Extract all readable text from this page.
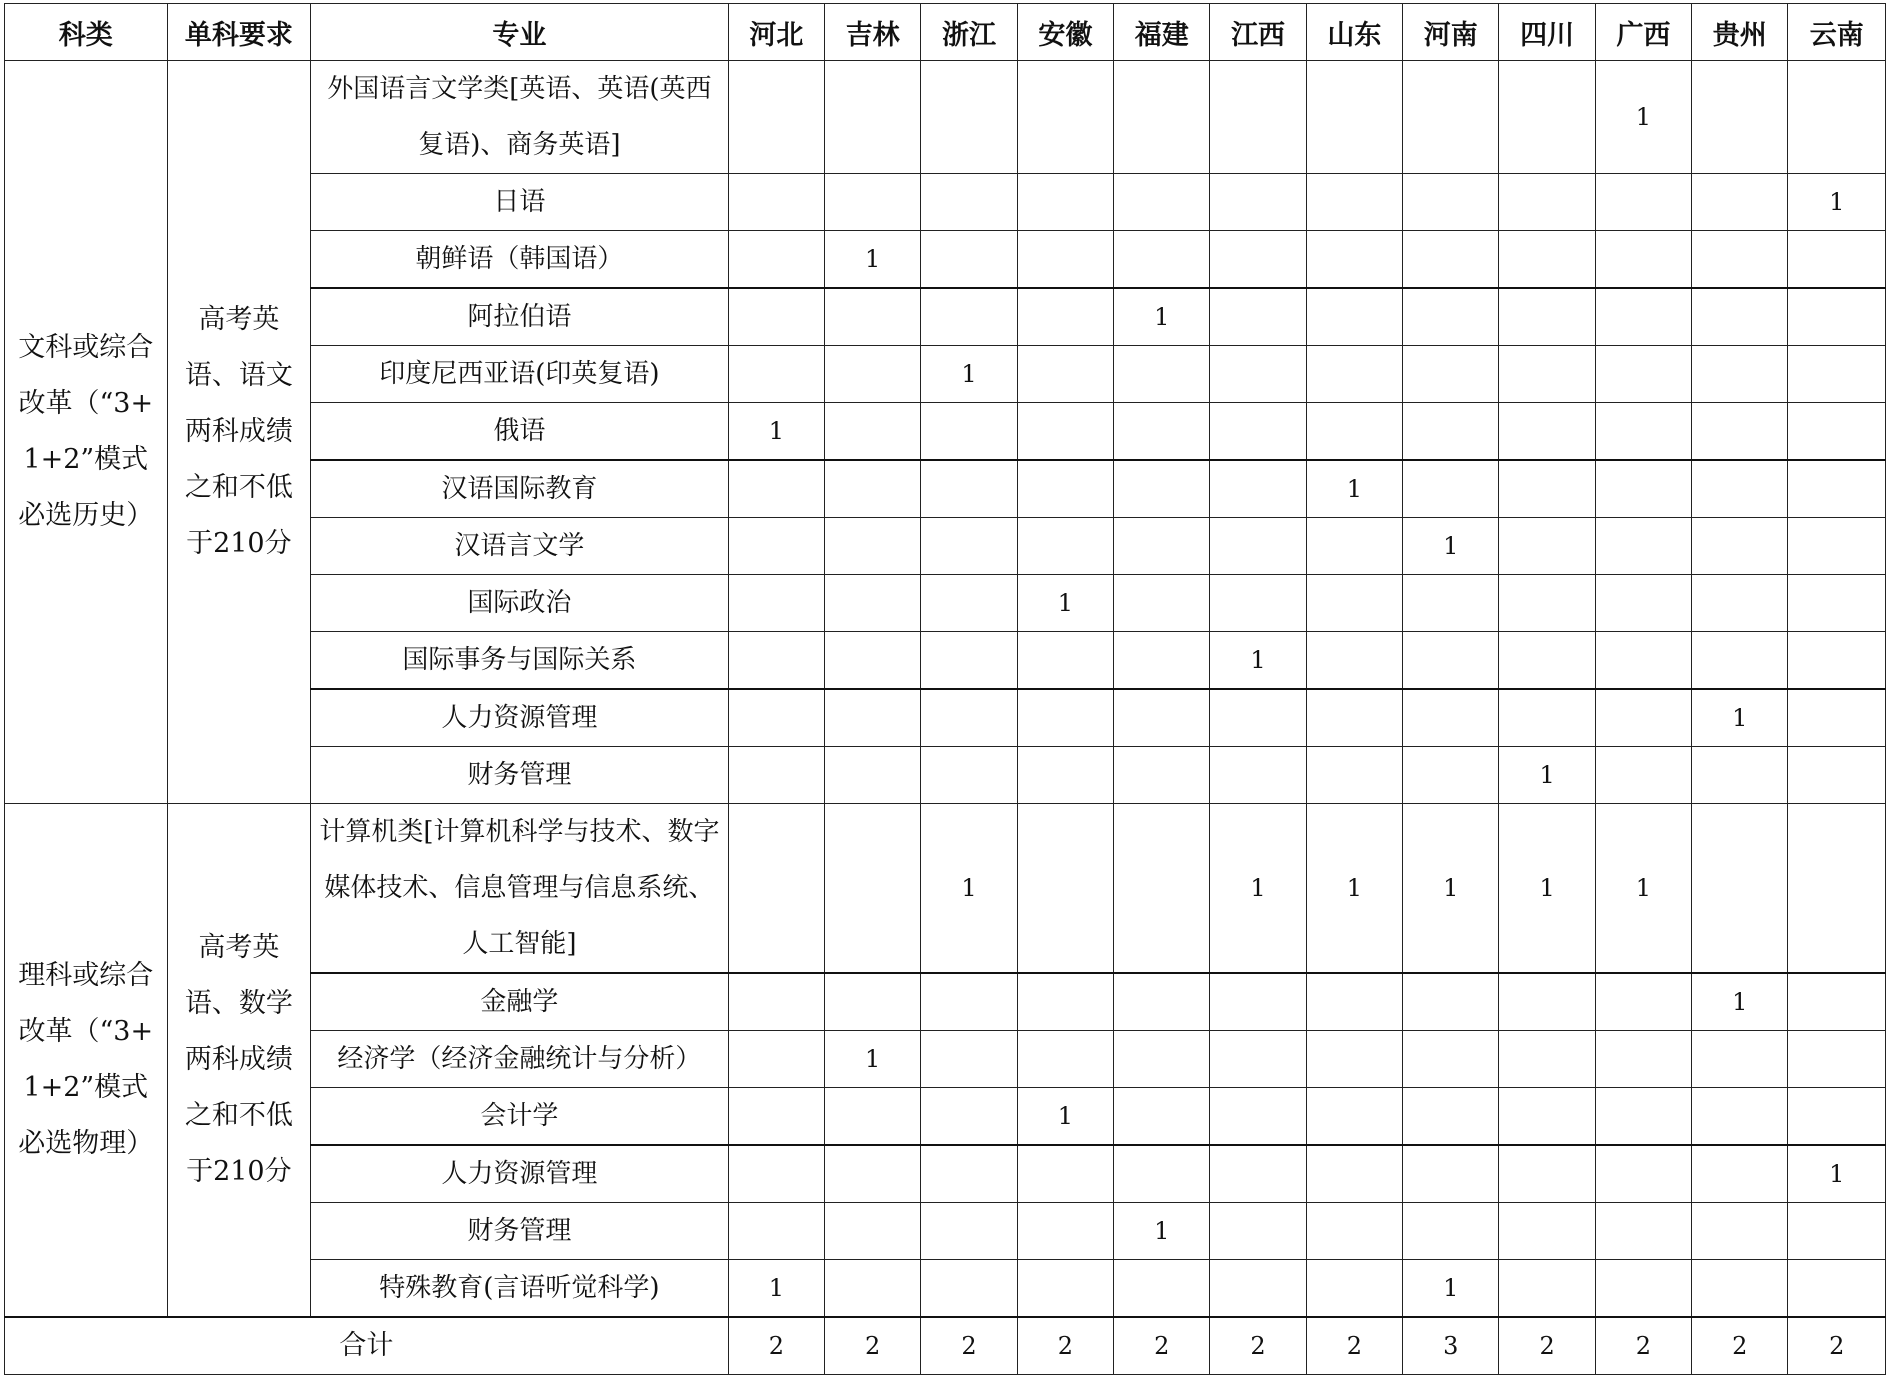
科类	单科要求	专业	河北	吉林	浙江	安徽	福建	江西	山东	河南	四川	广西	贵州	云南
文科或综合改革（“3+1+2”模式必选历史）	高考英语、语文两科成绩之和不低于210分	外国语言文学类[英语、英语(英西复语)、商务英语]										1		
		日语												1
		朝鲜语（韩国语）		1										
		阿拉伯语					1							
		印度尼西亚语(印英复语)			1									
		俄语	1											
		汉语国际教育							1					
		汉语言文学								1				
		国际政治				1								
		国际事务与国际关系						1						
		人力资源管理											1	
		财务管理									1			
理科或综合改革（“3+1+2”模式必选物理）	高考英语、数学两科成绩之和不低于210分	计算机类[计算机科学与技术、数字媒体技术、信息管理与信息系统、人工智能]			1			1	1	1	1	1		
		金融学											1	
		经济学（经济金融统计与分析）		1										
		会计学				1								
		人力资源管理												1
		财务管理					1							
		特殊教育(言语听觉科学)	1							1				
合计			2	2	2	2	2	2	2	3	2	2	2	2
